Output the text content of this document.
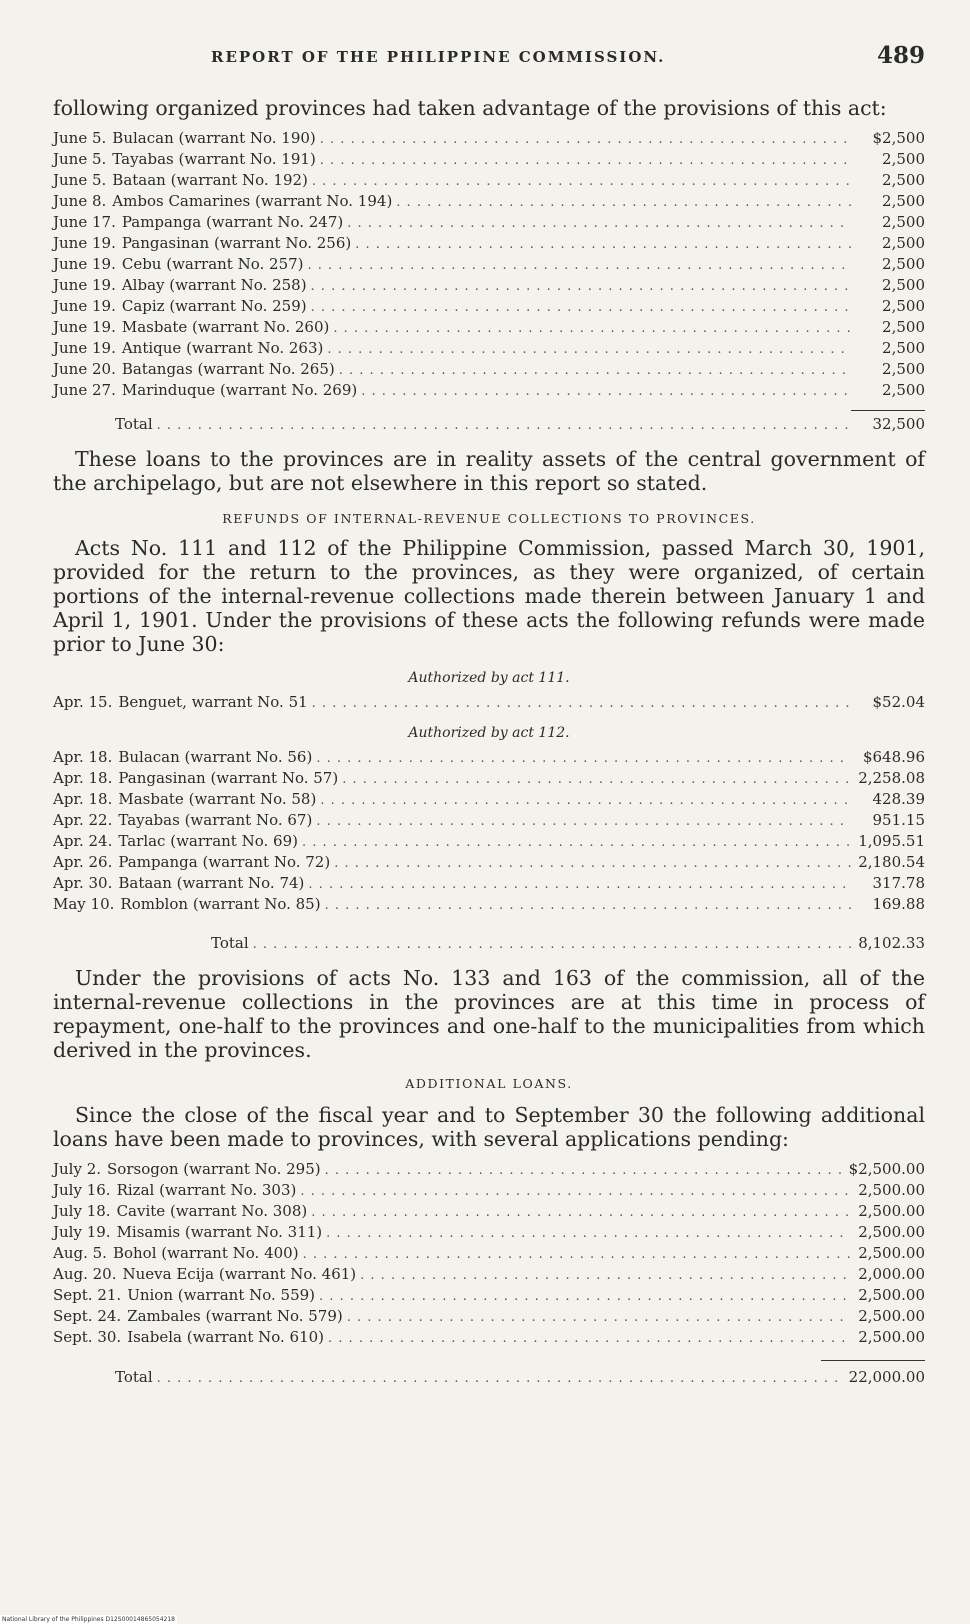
REPORT OF THE PHILIPPINE COMMISSION.	489

following organized provinces had taken advantage of the provisions of this act:

June 5. Bulacan (warrant No. 190) . . .	$2,500
June 5. Tayabas (warrant No. 191) . . .	2,500
June 5. Bataan (warrant No. 192) . . .	2,500
June 8. Ambos Camarines (warrant No. 194) . . .	2,500
June 17. Pampanga (warrant No. 247) . . .	2,500
June 19. Pangasinan (warrant No. 256) . . .	2,500
June 19. Cebu (warrant No. 257) . . .	2,500
June 19. Albay (warrant No. 258) . . .	2,500
June 19. Capiz (warrant No. 259) . . .	2,500
June 19. Masbate (warrant No. 260) . . .	2,500
June 19. Antique (warrant No. 263) . . .	2,500
June 20. Batangas (warrant No. 265) . . .	2,500
June 27. Marinduque (warrant No. 269) . . .	2,500
Total . . .	32,500

These loans to the provinces are in reality assets of the central government of the archipelago, but are not elsewhere in this report so stated.

REFUNDS OF INTERNAL-REVENUE COLLECTIONS TO PROVINCES.

Acts No. 111 and 112 of the Philippine Commission, passed March 30, 1901, provided for the return to the provinces, as they were organized, of certain portions of the internal-revenue collections made therein between January 1 and April 1, 1901. Under the provisions of these acts the following refunds were made prior to June 30:

Authorized by act 111.

Apr. 15. Benguet, warrant No. 51 . . .	$52.04

Authorized by act 112.

Apr. 18. Bulacan (warrant No. 56) . . .	$648.96
Apr. 18. Pangasinan (warrant No. 57) . . .	2,258.08
Apr. 18. Masbate (warrant No. 58) . . .	428.39
Apr. 22. Tayabas (warrant No. 67) . . .	951.15
Apr. 24. Tarlac (warrant No. 69) . . .	1,095.51
Apr. 26. Pampanga (warrant No. 72) . . .	2,180.54
Apr. 30. Bataan (warrant No. 74) . . .	317.78
May 10. Romblon (warrant No. 85) . . .	169.88
Total . . .	8,102.33

Under the provisions of acts No. 133 and 163 of the commission, all of the internal-revenue collections in the provinces are at this time in process of repayment, one-half to the provinces and one-half to the municipalities from which derived in the provinces.

ADDITIONAL LOANS.

Since the close of the fiscal year and to September 30 the following additional loans have been made to provinces, with several applications pending:

July 2. Sorsogon (warrant No. 295) . . .	$2,500.00
July 16. Rizal (warrant No. 303) . . .	2,500.00
July 18. Cavite (warrant No. 308) . . .	2,500.00
July 19. Misamis (warrant No. 311) . . .	2,500.00
Aug. 5. Bohol (warrant No. 400) . . .	2,500.00
Aug. 20. Nueva Ecija (warrant No. 461) . . .	2,000.00
Sept. 21. Union (warrant No. 559) . . .	2,500.00
Sept. 24. Zambales (warrant No. 579) . . .	2,500.00
Sept. 30. Isabela (warrant No. 610) . . .	2,500.00
Total . . .	22,000.00
National Library of the Philippines D12S00014865054218
